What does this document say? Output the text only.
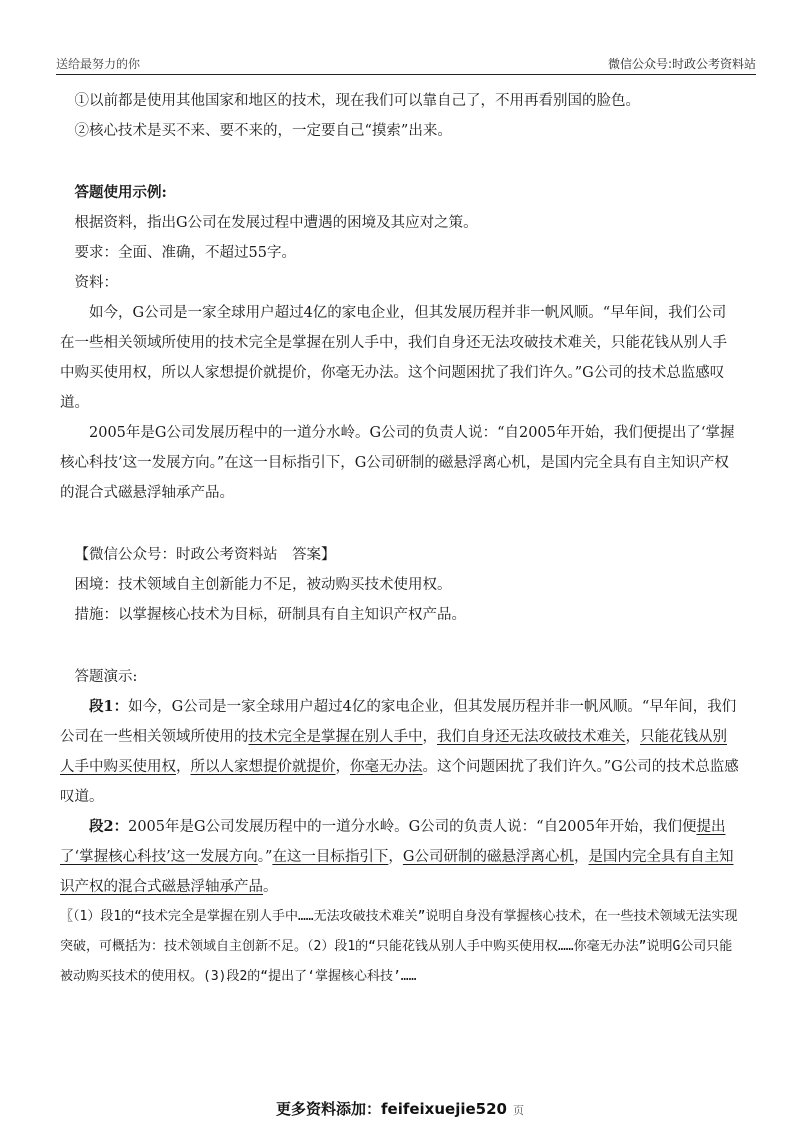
送给最努力的你	微信公众号:时政公考资料站

①以前都是使用其他国家和地区的技术，现在我们可以靠自己了，不用再看别国的脸色。

②核心技术是买不来、要不来的，一定要自己“摸索”出来。

答题使用示例:

根据资料，指出G公司在发展过程中遭遇的困境及其应对之策。

要求：全面、准确，不超过55字。

资料：

如今，G公司是一家全球用户超过4亿的家电企业，但其发展历程并非一帆风顺。“早年间，我们公司在一些相关领域所使用的技术完全是掌握在别人手中，我们自身还无法攻破技术难关，只能花钱从别人手中购买使用权，所以人家想提价就提价，你毫无办法。这个问题困扰了我们许久。”G公司的技术总监感叹道。

2005年是G公司发展历程中的一道分水岭。G公司的负责人说：“自2005年开始，我们便提出了‘掌握核心科技’这一发展方向。”在这一目标指引下，G公司研制的磁悬浮离心机，是国内完全具有自主知识产权的混合式磁悬浮轴承产品。

【微信公众号：时政公考资料站　答案】

困境：技术领域自主创新能力不足，被动购买技术使用权。

措施：以掌握核心技术为目标，研制具有自主知识产权产品。

答题演示:

段1：如今，G公司是一家全球用户超过4亿的家电企业，但其发展历程并非一帆风顺。“早年间，我们公司在一些相关领域所使用的技术完全是掌握在别人手中，我们自身还无法攻破技术难关，只能花钱从别人手中购买使用权，所以人家想提价就提价，你毫无办法。这个问题困扰了我们许久。”G公司的技术总监感叹道。

段2：2005年是G公司发展历程中的一道分水岭。G公司的负责人说：“自2005年开始，我们便提出了‘掌握核心科技’这一发展方向。”在这一目标指引下，G公司研制的磁悬浮离心机，是国内完全具有自主知识产权的混合式磁悬浮轴承产品。

〖（1）段1的“技术完全是掌握在别人手中……无法攻破技术难关”说明自身没有掌握核心技术，在一些技术领域无法实现突破，可概括为：技术领域自主创新不足。（2）段1的“只能花钱从别人手中购买使用权……你毫无办法”说明G公司只能被动购买技术的使用权。(3)段2的“提出了‘掌握核心科技’……

更多资料添加：feifeixuejie520 页
